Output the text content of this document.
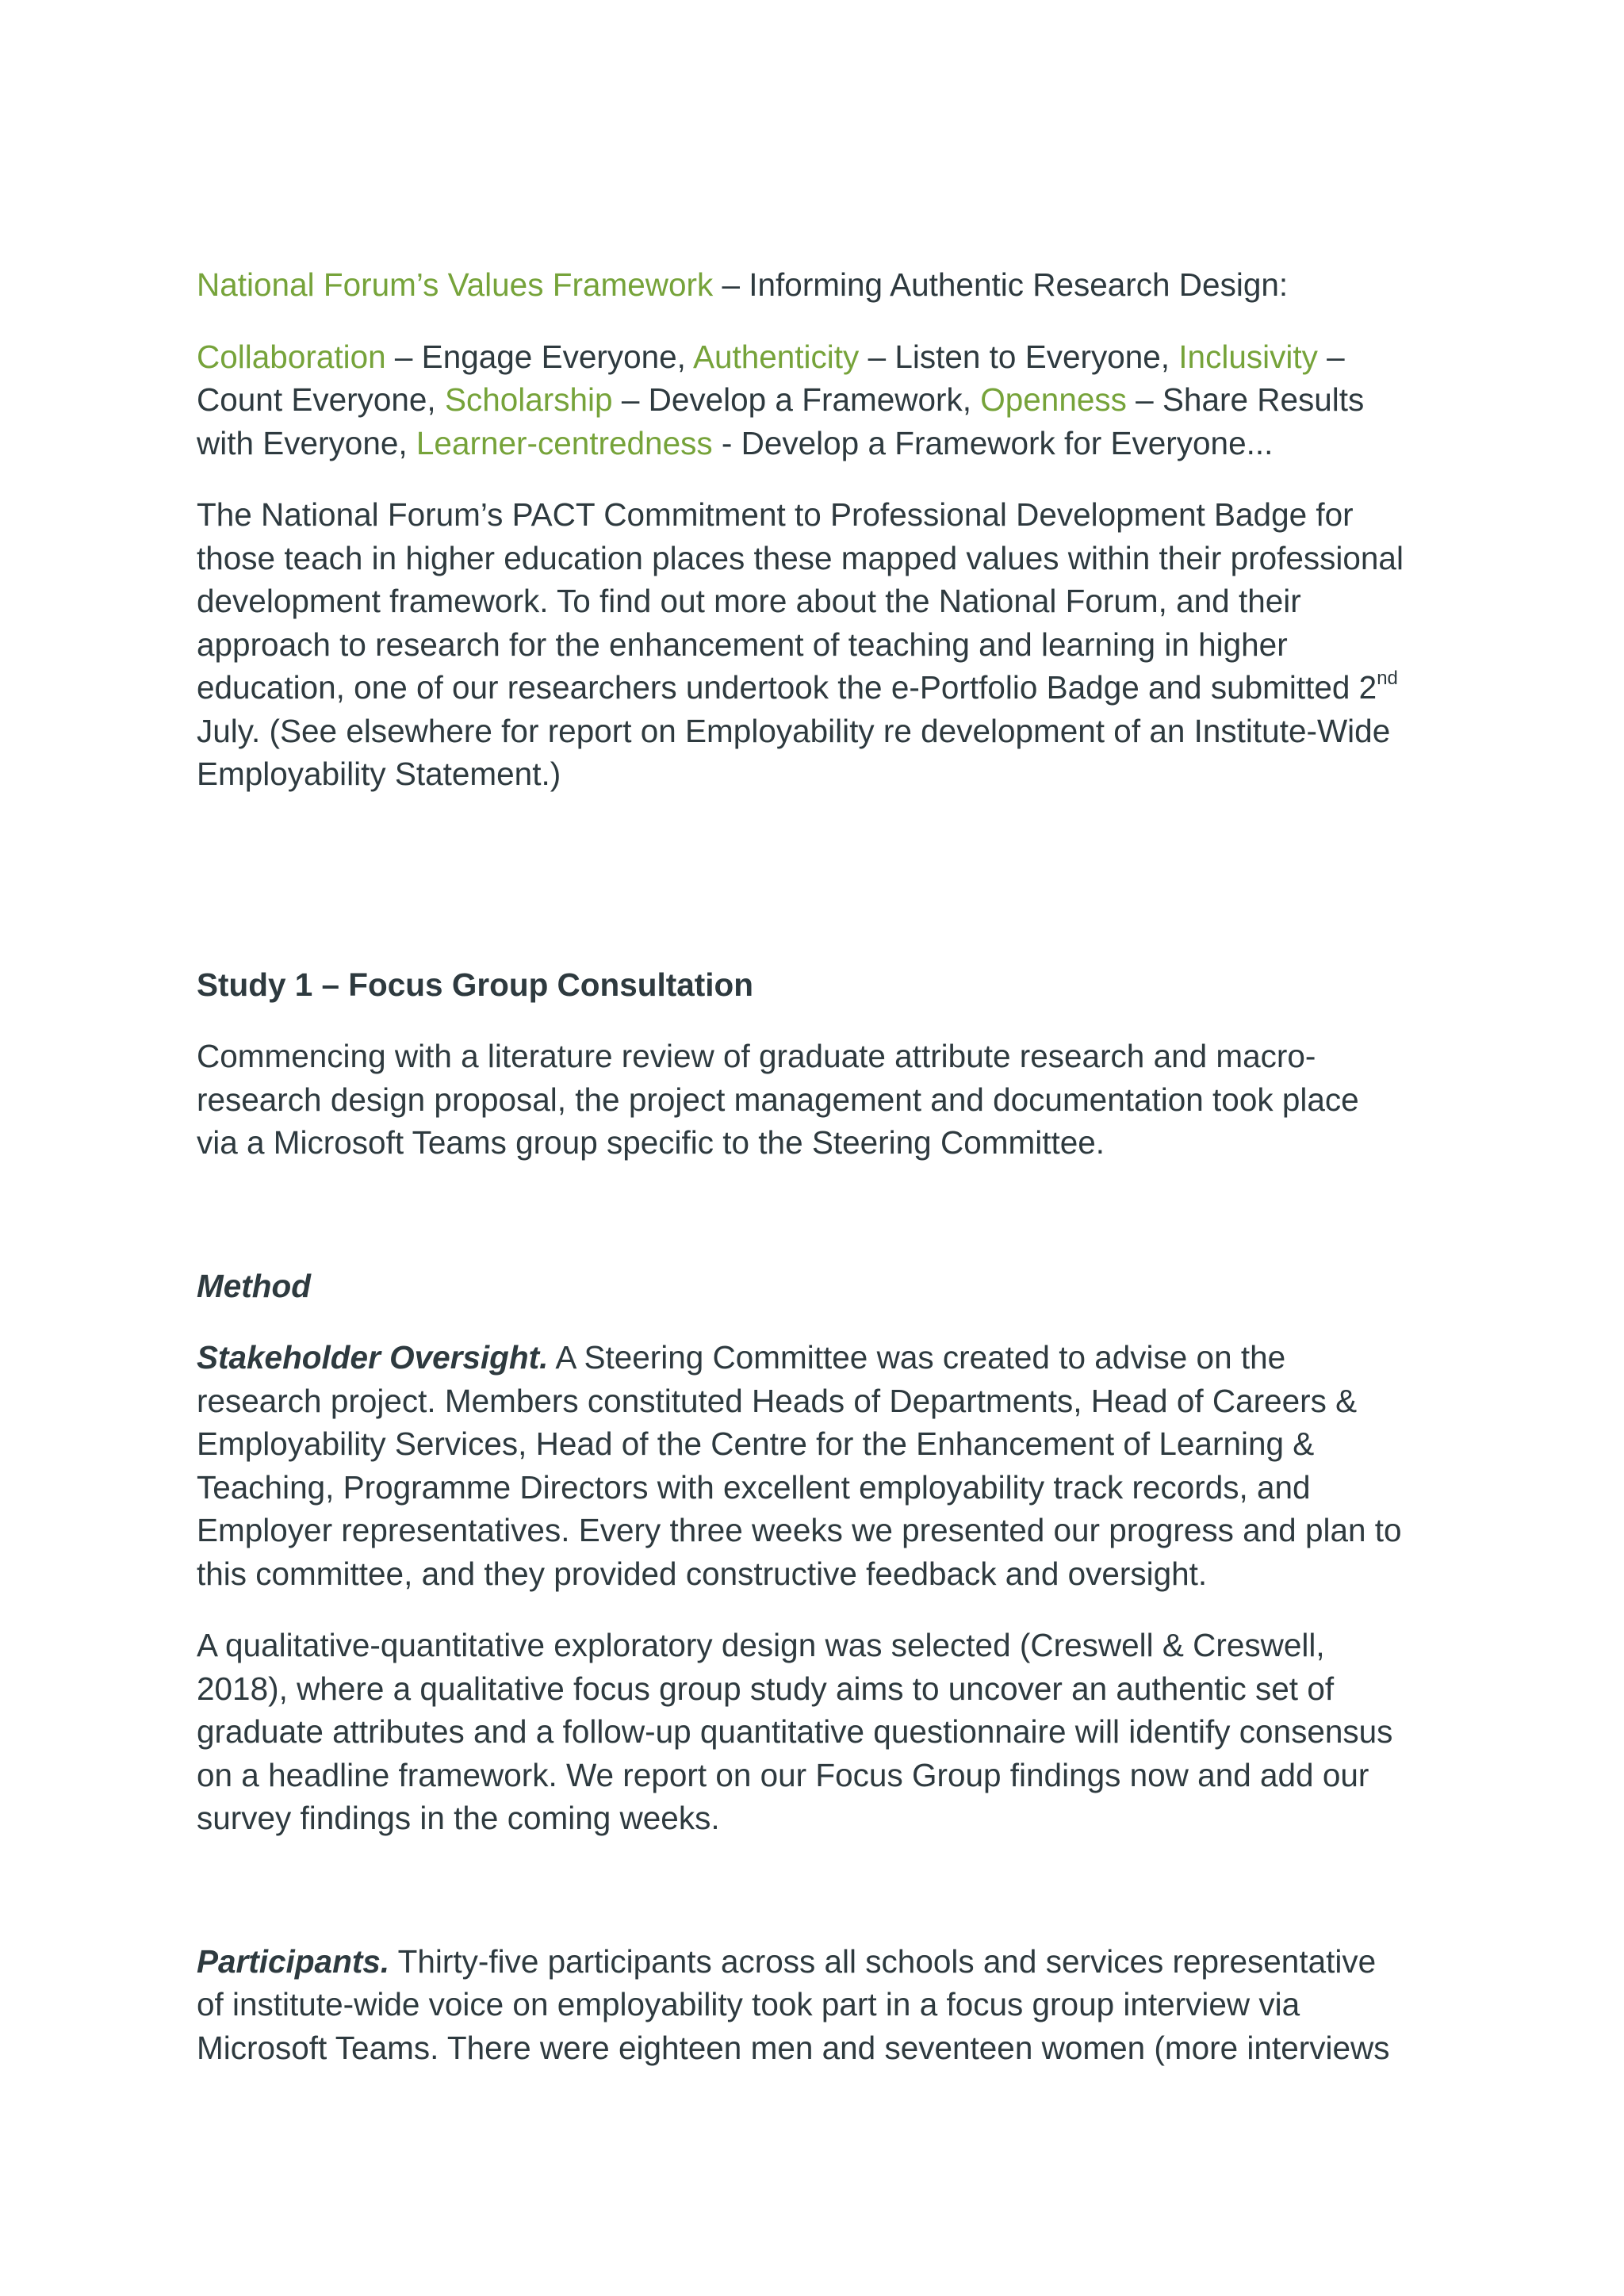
National Forum’s Values Framework – Informing Authentic Research Design:

Collaboration – Engage Everyone, Authenticity – Listen to Everyone, Inclusivity –
Count Everyone, Scholarship – Develop a Framework, Openness – Share Results
with Everyone, Learner-centredness - Develop a Framework for Everyone...

The National Forum’s PACT Commitment to Professional Development Badge for
those teach in higher education places these mapped values within their professional
development framework. To find out more about the National Forum, and their
approach to research for the enhancement of teaching and learning in higher
education, one of our researchers undertook the e-Portfolio Badge and submitted 2nd
July. (See elsewhere for report on Employability re development of an Institute-Wide
Employability Statement.)

Study 1 – Focus Group Consultation

Commencing with a literature review of graduate attribute research and macro-
research design proposal, the project management and documentation took place
via a Microsoft Teams group specific to the Steering Committee.

Method

Stakeholder Oversight. A Steering Committee was created to advise on the
research project. Members constituted Heads of Departments, Head of Careers &
Employability Services, Head of the Centre for the Enhancement of Learning &
Teaching, Programme Directors with excellent employability track records, and
Employer representatives. Every three weeks we presented our progress and plan to
this committee, and they provided constructive feedback and oversight.

A qualitative-quantitative exploratory design was selected (Creswell & Creswell,
2018), where a qualitative focus group study aims to uncover an authentic set of
graduate attributes and a follow-up quantitative questionnaire will identify consensus
on a headline framework. We report on our Focus Group findings now and add our
survey findings in the coming weeks.

Participants. Thirty-five participants across all schools and services representative
of institute-wide voice on employability took part in a focus group interview via
Microsoft Teams. There were eighteen men and seventeen women (more interviews
